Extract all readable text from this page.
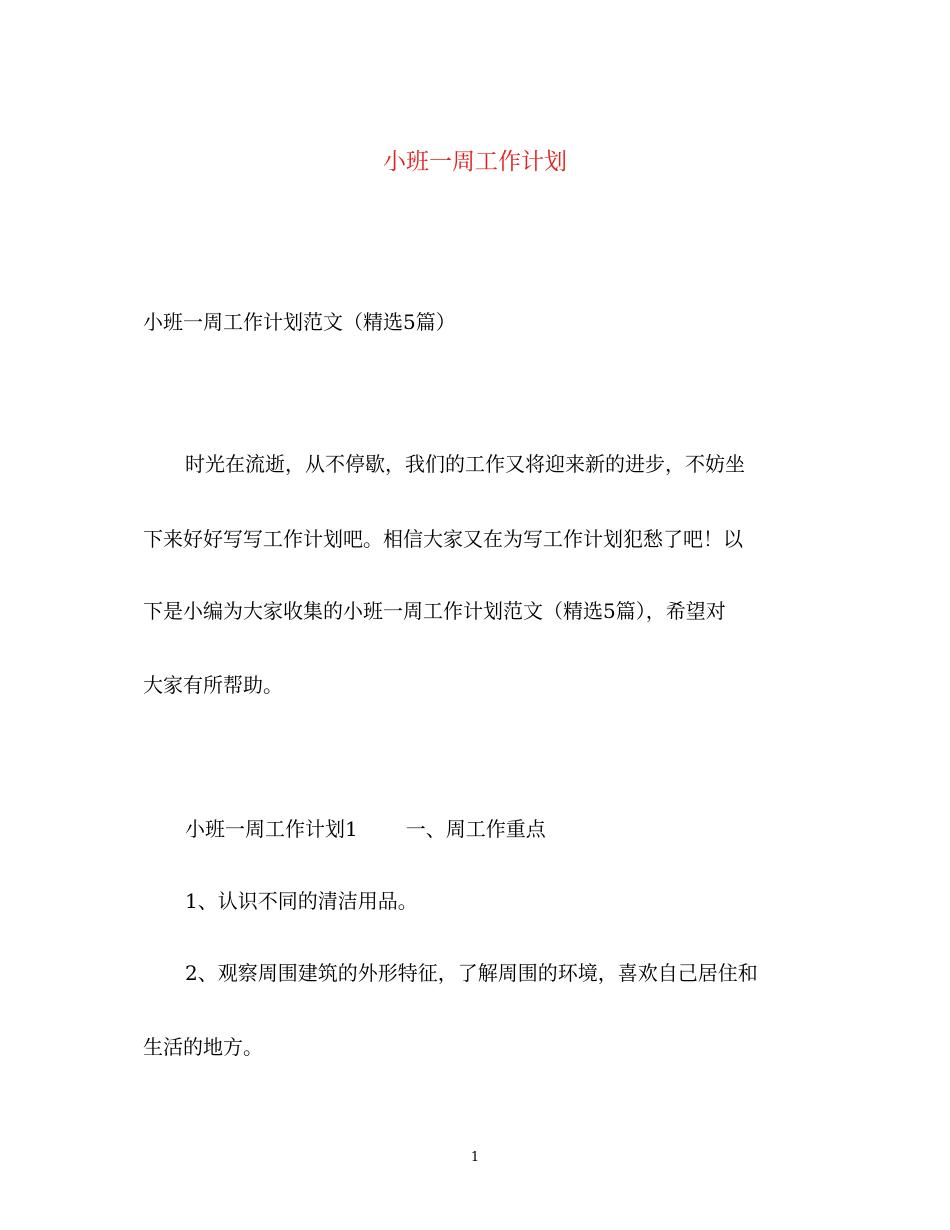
小班一周工作计划
小班一周工作计划范文（精选5篇）
时光在流逝，从不停歇，我们的工作又将迎来新的进步，不妨坐
下来好好写写工作计划吧。相信大家又在为写工作计划犯愁了吧！以
下是小编为大家收集的小班一周工作计划范文（精选5篇），希望对
大家有所帮助。
小班一周工作计划1 一、周工作重点
1、认识不同的清洁用品。
2、观察周围建筑的外形特征，了解周围的环境，喜欢自己居住和
生活的地方。
1
